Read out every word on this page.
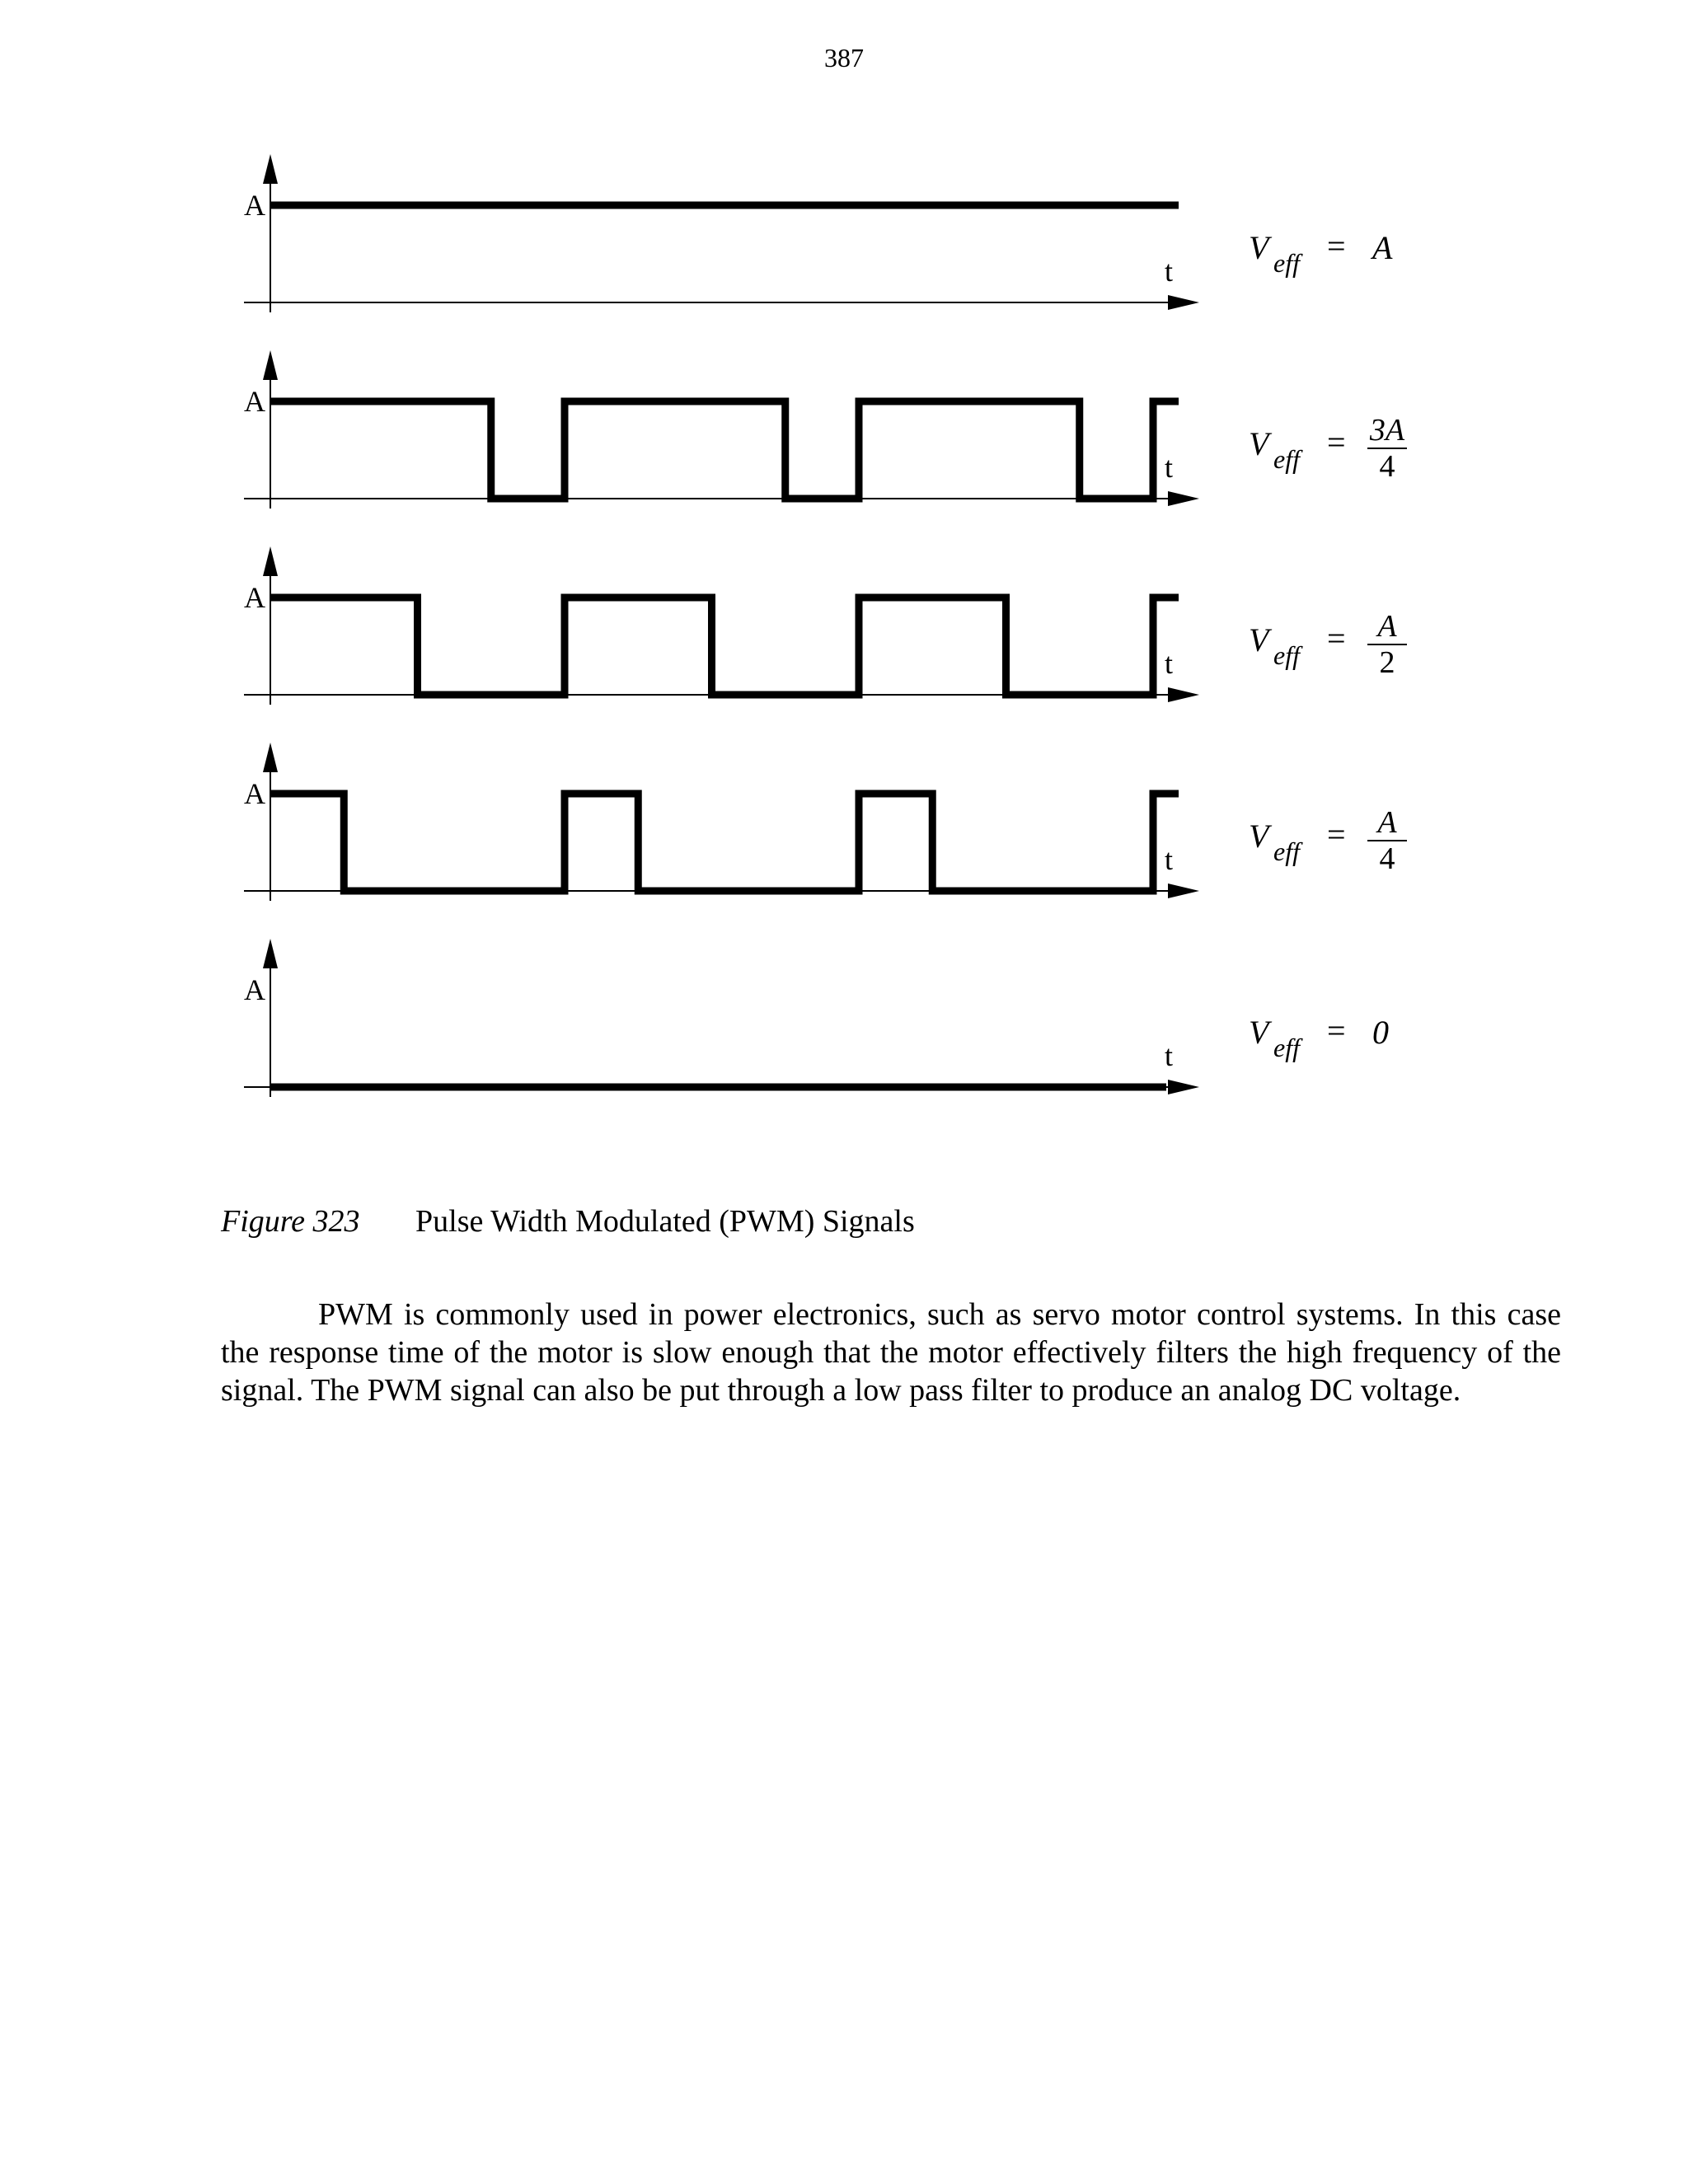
387
A
t
V eff = A
A
t
V eff = 3A
4
A
t
V eff = A
2
A
t
V eff = A
4
A
t
V eff = 0
Figure 323 Pulse Width Modulated (PWM) Signals
PWM is commonly used in power electronics, such as servo motor control systems. In this case the response time of the motor is slow enough that the motor effectively filters the high frequency of the signal. The PWM signal can also be put through a low pass filter to produce an analog DC voltage.
